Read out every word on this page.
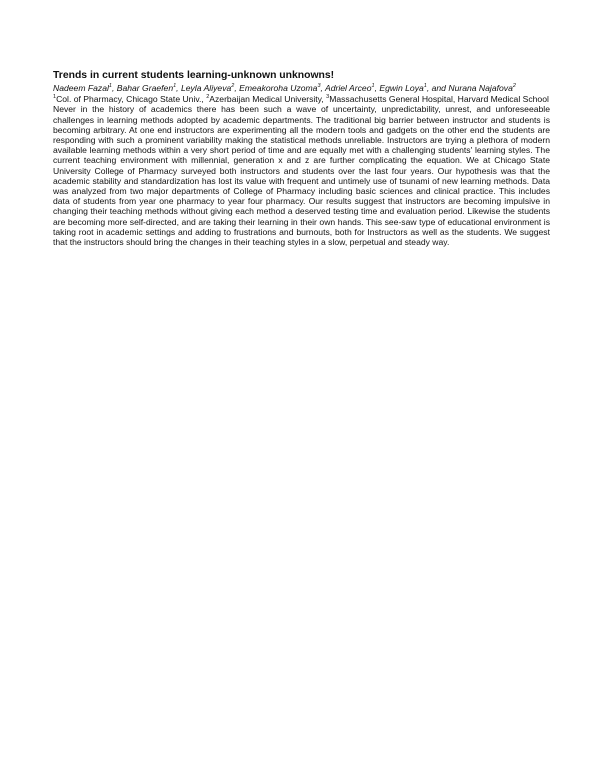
Trends in current students learning-unknown unknowns!
Nadeem Fazal$^1$, Bahar Graefen$^1$, Leyla Aliyeva$^2$, Emeakoroha Uzoma$^3$, Adriel Arceo$^1$, Egwin Loya$^1$, and Nurana Najafova$^2$
$^1$Col. of Pharmacy, Chicago State Univ., $^2$Azerbaijan Medical University, $^3$Massachusetts General Hospital, Harvard Medical School
Never in the history of academics there has been such a wave of uncertainty, unpredictability, unrest, and unforeseeable challenges in learning methods adopted by academic departments. The traditional big barrier between instructor and students is becoming arbitrary. At one end instructors are experimenting all the modern tools and gadgets on the other end the students are responding with such a prominent variability making the statistical methods unreliable. Instructors are trying a plethora of modern available learning methods within a very short period of time and are equally met with a challenging students' learning styles. The current teaching environment with millennial, generation x and z are further complicating the equation. We at Chicago State University College of Pharmacy surveyed both instructors and students over the last four years. Our hypothesis was that the academic stability and standardization has lost its value with frequent and untimely use of tsunami of new learning methods. Data was analyzed from two major departments of College of Pharmacy including basic sciences and clinical practice. This includes data of students from year one pharmacy to year four pharmacy. Our results suggest that instructors are becoming impulsive in changing their teaching methods without giving each method a deserved testing time and evaluation period. Likewise the students are becoming more self-directed, and are taking their learning in their own hands. This see-saw type of educational environment is taking root in academic settings and adding to frustrations and burnouts, both for Instructors as well as the students. We suggest that the instructors should bring the changes in their teaching styles in a slow, perpetual and steady way.
